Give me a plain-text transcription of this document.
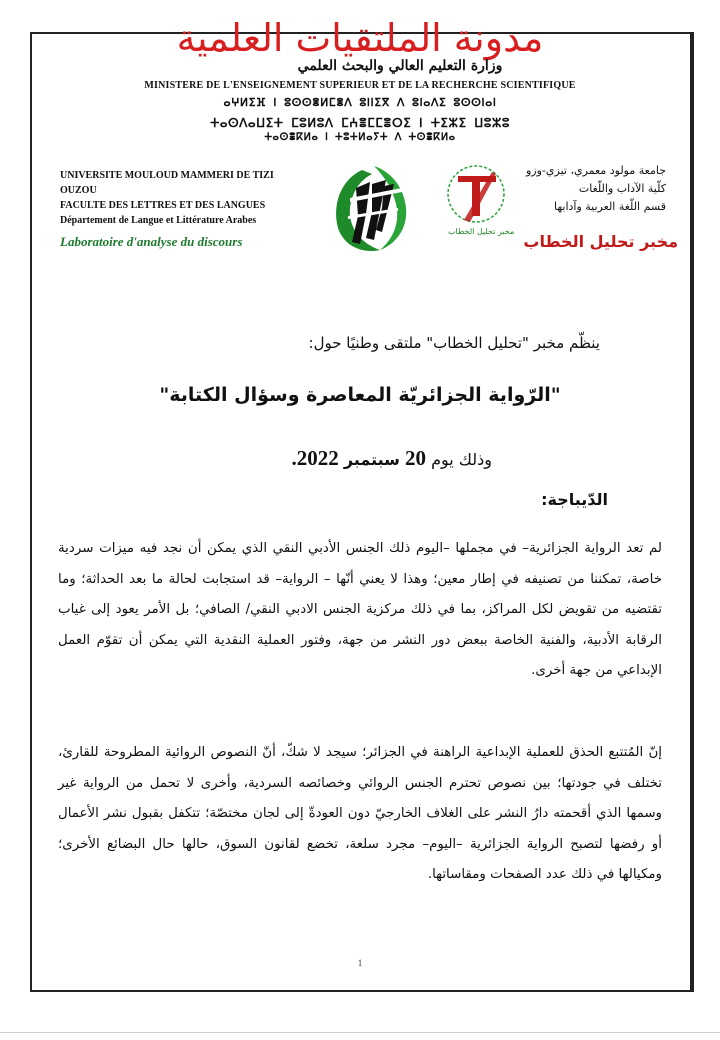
مدونة الملتقيات العلمية
وزارة التعليم العالي والبحث العلمي
MINISTERE DE L'ENSEIGNEMENT SUPERIEUR ET DE LA RECHERCHE SCIENTIFIQUE
ⴰⵖⵍⵉⴼ ⵏ ⵓⵙⵙⴻⵍⵎⴻⴷ ⵓⵏⵏⵉⴳ ⴷ ⵓⵏⴰⴷⵉ ⵓⵙⵙⵏⴰⵏ
ⵜⴰⵙⴷⴰⵡⵉⵜ ⵎⵓⵍⵓⴷ ⵎⵄⴻⵎⵎⴻⵔⵉ ⵏ ⵜⵉⵣⵉ ⵡⵓⵣⵓ
ⵜⴰⵙⴻⴽⵍⴰ ⵏ ⵜⵓⵜⵍⴰⵢⵜ ⴷ ⵜⵙⴻⴽⵍⴰ
UNIVERSITE MOULOUD MAMMERI DE TIZI OUZOU
FACULTE DES LETTRES ET DES LANGUES
Département de Langue et Littérature Arabes
Laboratoire d'analyse du discours
مخبر تحليل الخطاب
جامعة مولود معمري، تيزي-وزو
كلّية الآداب واللّغات
قسم اللّغة العربية وآدابها
مخبر تحليل الخطاب
ينظّم مخبر "تحليل الخطاب" ملتقى وطنيًا حول:
"الرّواية الجزائريّة المعاصرة وسؤال الكتابة"
وذلك يوم 20 سبتمبر 2022.
الدّيباجة:
لم تعد الرواية الجزائرية– في مجملها –اليوم ذلك الجنس الأدبي النقي الذي يمكن أن نجد فيه ميزات سردية خاصة، تمكننا من تصنيفه في إطار معين؛ وهذا لا يعني أنّها – الرواية– قد استجابت لحالة ما بعد الحداثة؛ وما تقتضيه من تقويض لكل المراكز، بما في ذلك مركزية الجنس الادبي النقي/ الصافي؛ بل الأمر يعود إلى غياب الرقابة الأدبية، والفنية الخاصة ببعض دور النشر من جهة، وفتور العملية النقدية التي يمكن أن تقوّم العمل الإبداعي من جهة أخرى.
إنّ المُتتبع الحذق للعملية الإبداعية الراهنة في الجزائر؛ سيجد لا شكّ، أنّ النصوص الروائية المطروحة للقارئ، تختلف في جودتها؛ بين نصوص تحترم الجنس الروائي وخصائصه السردية، وأخرى لا تحمل من الرواية غير وسمها الذي أقحمته دارُ النشر على الغلاف الخارجيّ دون العودةّ إلى لجان مختصّة؛ تتكفل بقبول نشر الأعمال أو رفضها لتصبح الرواية الجزائرية –اليوم– مجرد سلعة، تخضع لقانون السوق، حالها حال البضائع الأخرى؛ ومكيالها في ذلك عدد الصفحات ومقاساتها.
1
